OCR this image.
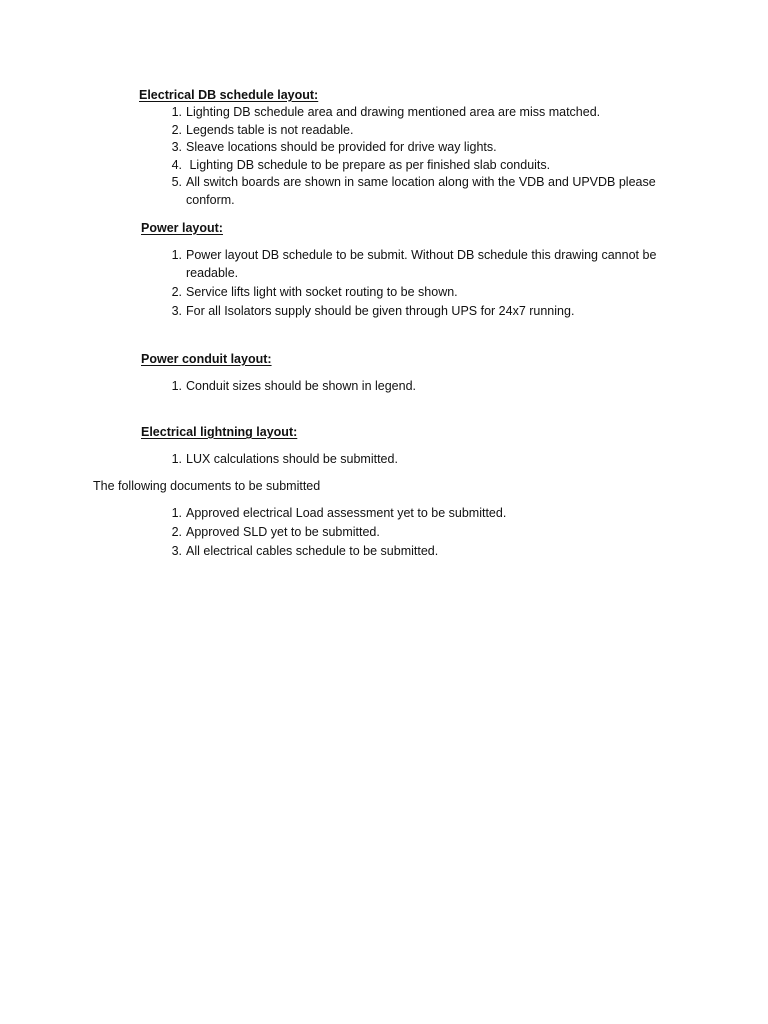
Electrical DB schedule layout:
1. Lighting DB schedule area and drawing mentioned area are miss matched.
2. Legends table is not readable.
3. Sleave locations should be provided for drive way lights.
4. Lighting DB schedule to be prepare as per finished slab conduits.
5. All switch boards are shown in same location along with the VDB and UPVDB please conform.
Power layout:
1. Power layout DB schedule to be submit. Without DB schedule this drawing cannot be readable.
2. Service lifts light with socket routing to be shown.
3. For all Isolators supply should be given through UPS for 24x7 running.
Power conduit layout:
1. Conduit sizes should be shown in legend.
Electrical lightning layout:
1. LUX calculations should be submitted.
The following documents to be submitted
1. Approved electrical Load assessment yet to be submitted.
2. Approved SLD yet to be submitted.
3. All electrical cables schedule to be submitted.
